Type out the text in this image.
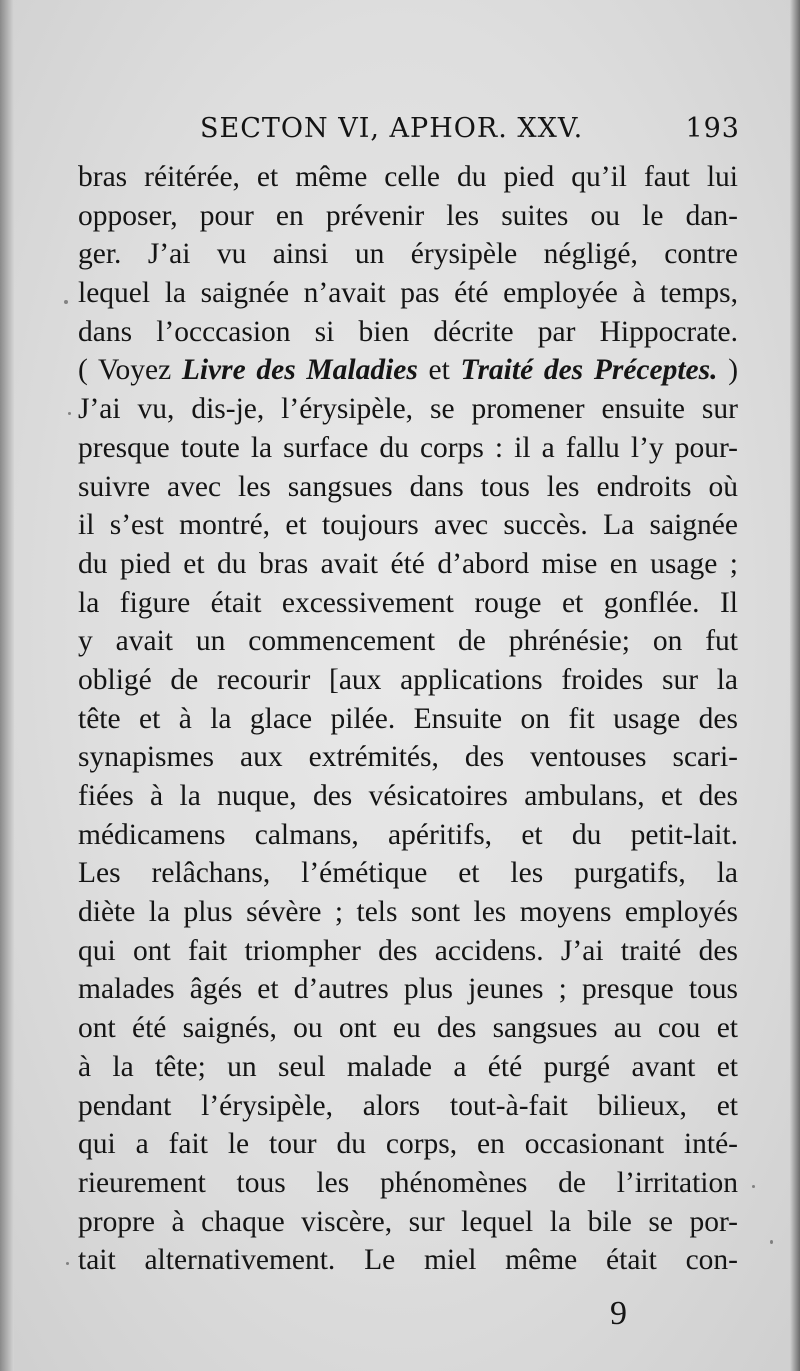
SECTON VI, APHOR. XXV.	193
bras réitérée, et même celle du pied qu’il faut lui
opposer, pour en prévenir les suites ou le dan-
ger. J’ai vu ainsi un érysipèle négligé, contre
lequel la saignée n’avait pas été employée à temps,
dans l’occcasion si bien décrite par Hippocrate.
( Voyez Livre des Maladies et Traité des Préceptes. )
J’ai vu, dis-je, l’érysipèle, se promener ensuite sur
presque toute la surface du corps : il a fallu l’y pour-
suivre avec les sangsues dans tous les endroits où
il s’est montré, et toujours avec succès. La saignée
du pied et du bras avait été d’abord mise en usage ;
la figure était excessivement rouge et gonflée. Il
y avait un commencement de phrénésie; on fut
obligé de recourir [aux applications froides sur la
tête et à la glace pilée. Ensuite on fit usage des
synapismes aux extrémités, des ventouses scari-
fiées à la nuque, des vésicatoires ambulans, et des
médicamens calmans, apéritifs, et du petit-lait.
Les relâchans, l’émétique et les purgatifs, la
diète la plus sévère ; tels sont les moyens employés
qui ont fait triompher des accidens. J’ai traité des
malades âgés et d’autres plus jeunes ; presque tous
ont été saignés, ou ont eu des sangsues au cou et
à la tête; un seul malade a été purgé avant et
pendant l’érysipèle, alors tout-à-fait bilieux, et
qui a fait le tour du corps, en occasionant inté-
rieurement tous les phénomènes de l’irritation
propre à chaque viscère, sur lequel la bile se por-
tait alternativement. Le miel même était con-
9
